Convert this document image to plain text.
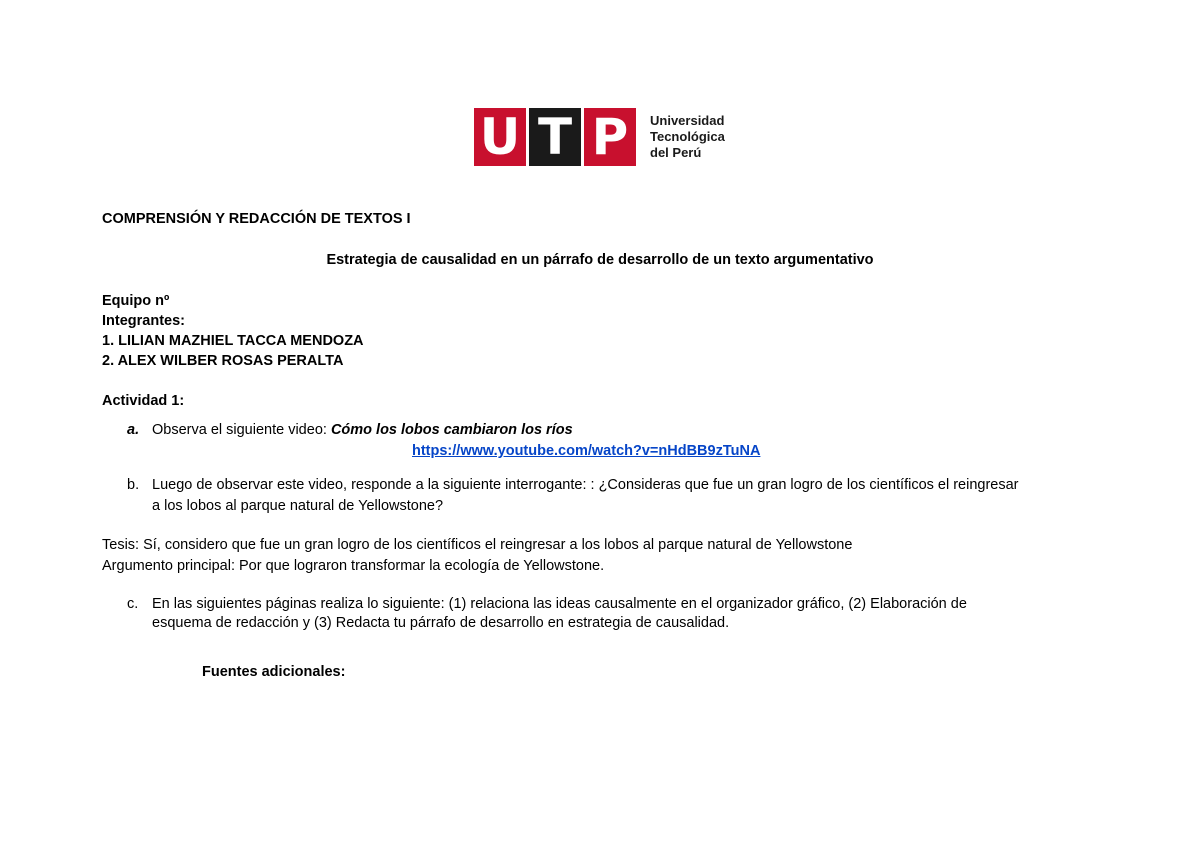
U T P	Universidad
Tecnológica
del Perú
COMPRENSIÓN Y REDACCIÓN DE TEXTOS I
Estrategia de causalidad en un párrafo de desarrollo de un texto argumentativo
Equipo nº
Integrantes:
1. LILIAN MAZHIEL TACCA MENDOZA
2. ALEX WILBER ROSAS PERALTA
Actividad 1:
a. Observa el siguiente video: Cómo los lobos cambiaron los ríos
https://www.youtube.com/watch?v=nHdBB9zTuNA
b. Luego de observar este video, responde a la siguiente interrogante: : ¿Consideras que fue un gran logro de los científicos el reingresar
a los lobos al parque natural de Yellowstone?
Tesis: Sí, considero que fue un gran logro de los científicos el reingresar a los lobos al parque natural de Yellowstone
Argumento principal: Por que lograron transformar la ecología de Yellowstone.
c. En las siguientes páginas realiza lo siguiente: (1) relaciona las ideas causalmente en el organizador gráfico, (2) Elaboración de
esquema de redacción y (3) Redacta tu párrafo de desarrollo en estrategia de causalidad.
Fuentes adicionales:
